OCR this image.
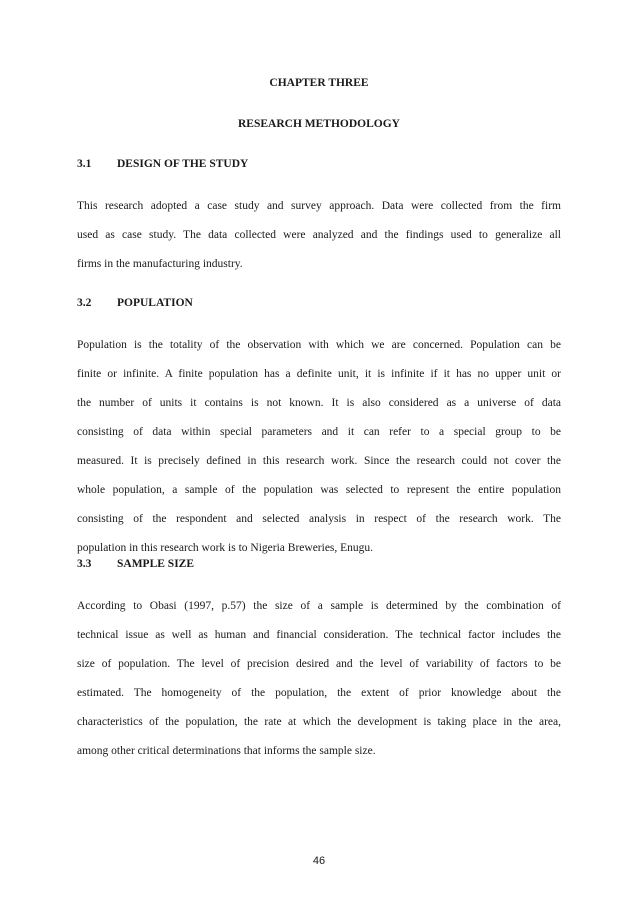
CHAPTER THREE
RESEARCH METHODOLOGY
3.1 DESIGN OF THE STUDY
This research adopted a case study and survey approach. Data were collected from the firm
used as case study. The data collected were analyzed and the findings used to generalize all
firms in the manufacturing industry.
3.2 POPULATION
Population is the totality of the observation with which we are concerned. Population can be
finite or infinite. A finite population has a definite unit, it is infinite if it has no upper unit or
the number of units it contains is not known. It is also considered as a universe of data
consisting of data within special parameters and it can refer to a special group to be
measured. It is precisely defined in this research work. Since the research could not cover the
whole population, a sample of the population was selected to represent the entire population
consisting of the respondent and selected analysis in respect of the research work. The
population in this research work is to Nigeria Breweries, Enugu.
3.3 SAMPLE SIZE
According to Obasi (1997, p.57) the size of a sample is determined by the combination of
technical issue as well as human and financial consideration. The technical factor includes the
size of population. The level of precision desired and the level of variability of factors to be
estimated. The homogeneity of the population, the extent of prior knowledge about the
characteristics of the population, the rate at which the development is taking place in the area,
among other critical determinations that informs the sample size.
46
